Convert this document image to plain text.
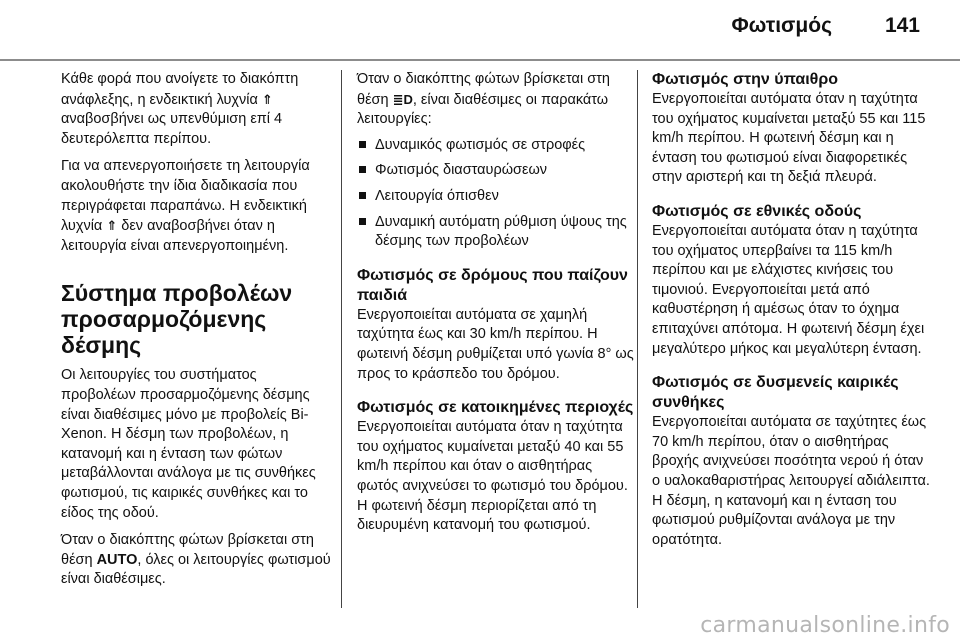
Φωτισμός	141

Κάθε φορά που ανοίγετε το διακόπτη ανάφλεξης, η ενδεικτική λυχνία ⇑ αναβοσβήνει ως υπενθύμιση επί 4 δευτερόλεπτα περίπου.

Για να απενεργοποιήσετε τη λειτουργία ακολουθήστε την ίδια διαδικασία που περιγράφεται παραπάνω. Η ενδεικτική λυχνία ⇑ δεν αναβοσβήνει όταν η λειτουργία είναι απενεργοποιημένη.

Σύστημα προβολέων προσαρμοζόμενης δέσμης

Οι λειτουργίες του συστήματος προβολέων προσαρμοζόμενης δέσμης είναι διαθέσιμες μόνο με προβολείς Bi-Xenon. Η δέσμη των προβολέων, η κατανομή και η ένταση των φώτων μεταβάλλονται ανάλογα με τις συνθήκες φωτισμού, τις καιρικές συνθήκες και το είδος της οδού.

Όταν ο διακόπτης φώτων βρίσκεται στη θέση AUTO, όλες οι λειτουργίες φωτισμού είναι διαθέσιμες.

Όταν ο διακόπτης φώτων βρίσκεται στη θέση ≣D, είναι διαθέσιμες οι παρακάτω λειτουργίες:

Δυναμικός φωτισμός σε στροφές
Φωτισμός διασταυρώσεων
Λειτουργία όπισθεν
Δυναμική αυτόματη ρύθμιση ύψους της δέσμης των προβολέων
Φωτισμός σε δρόμους που παίζουν παιδιά

Ενεργοποιείται αυτόματα σε χαμηλή ταχύτητα έως και 30 km/h περίπου. Η φωτεινή δέσμη ρυθμίζεται υπό γωνία 8° ως προς το κράσπεδο του δρόμου.

Φωτισμός σε κατοικημένες περιοχές

Ενεργοποιείται αυτόματα όταν η ταχύτητα του οχήματος κυμαίνεται μεταξύ 40 και 55 km/h περίπου και όταν ο αισθητήρας φωτός ανιχνεύσει το φωτισμό του δρόμου. Η φωτεινή δέσμη περιορίζεται από τη διευρυμένη κατανομή του φωτισμού.

Φωτισμός στην ύπαιθρο

Ενεργοποιείται αυτόματα όταν η ταχύτητα του οχήματος κυμαίνεται μεταξύ 55 και 115 km/h περίπου. Η φωτεινή δέσμη και η ένταση του φωτισμού είναι διαφορετικές στην αριστερή και τη δεξιά πλευρά.

Φωτισμός σε εθνικές οδούς

Ενεργοποιείται αυτόματα όταν η ταχύτητα του οχήματος υπερβαίνει τα 115 km/h περίπου και με ελάχιστες κινήσεις του τιμονιού. Ενεργοποιείται μετά από καθυστέρηση ή αμέσως όταν το όχημα επιταχύνει απότομα. Η φωτεινή δέσμη έχει μεγαλύτερο μήκος και μεγαλύτερη ένταση.

Φωτισμός σε δυσμενείς καιρικές συνθήκες

Ενεργοποιείται αυτόματα σε ταχύτητες έως 70 km/h περίπου, όταν ο αισθητήρας βροχής ανιχνεύσει ποσότητα νερού ή όταν ο υαλοκαθαριστήρας λειτουργεί αδιάλειπτα. Η δέσμη, η κατανομή και η ένταση του φωτισμού ρυθμίζονται ανάλογα με την ορατότητα.

carmanualsonline.info
